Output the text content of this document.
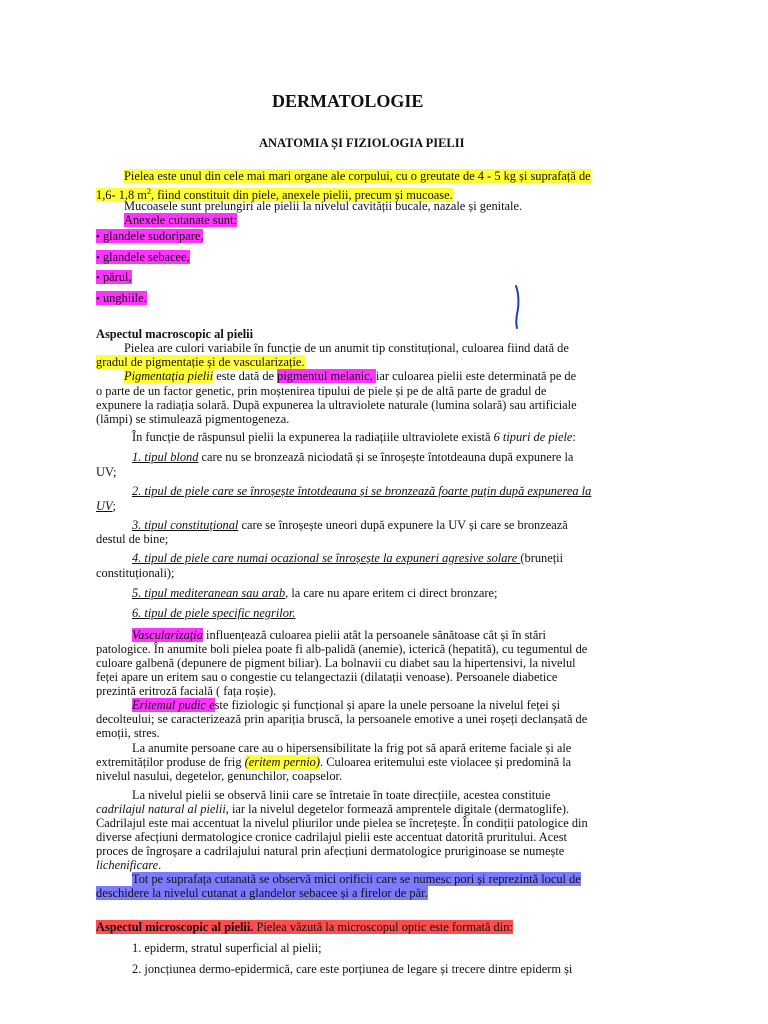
DERMATOLOGIE
ANATOMIA ȘI FIZIOLOGIA PIELII
Pielea este unul din cele mai mari organe ale corpului, cu o greutate de 4 - 5 kg și suprafață de
1,6- 1,8 $m^2$, fiind constituit din piele, anexele pielii, precum și mucoase.
Mucoasele sunt prelungiri ale pielii la nivelul cavității bucale, nazale și genitale.
Anexele cutanate sunt:
• glandele sudoripare,
• glandele sebacee,
• părul,
• unghiile.
Aspectul macroscopic al pielii
Pielea are culori variabile în funcție de un anumit tip constituțional, culoarea fiind dată de
gradul de pigmentație și de vascularizație.
Pigmentația pielii este dată de pigmentul melanic, iar culoarea pielii este determinată pe de
o parte de un factor genetic, prin moștenirea tipului de piele și pe de altă parte de gradul de
expunere la radiația solară. După expunerea la ultraviolete naturale (lumina solară) sau artificiale
(lămpi) se stimulează pigmentogeneza.
În funcție de răspunsul pielii la expunerea la radiațiile ultraviolete există 6 tipuri de piele:
1. tipul blond care nu se bronzează niciodată și se înroșește întotdeauna după expunere la
UV;
2. tipul de piele care se înroșește întotdeauna și se bronzează foarte puțin după expunerea la
UV;
3. tipul constituțional care se înroșește uneori după expunere la UV și care se bronzează
destul de bine;
4. tipul de piele care numai ocazional se înroșește la expuneri agresive solare (bruneții
constituționali);
5. tipul mediteranean sau arab, la care nu apare eritem ci direct bronzare;
6. tipul de piele specific negrilor.
Vascularizația influențează culoarea pielii atât la persoanele sănătoase cât și în stări
patologice. În anumite boli pielea poate fi alb-palidă (anemie), icterică (hepatită), cu tegumentul de
culoare galbenă (depunere de pigment biliar). La bolnavii cu diabet sau la hipertensivi, la nivelul
feței apare un eritem sau o congestie cu telangectazii (dilatații venoase). Persoanele diabetice
prezintă eritroză facială ( fața roșie).
Eritemul pudic este fiziologic și funcțional și apare la unele persoane la nivelul feței și
decolteului; se caracterizează prin apariția bruscă, la persoanele emotive a unei roșeți declanșată de
emoții, stres.
La anumite persoane care au o hipersensibilitate la frig pot să apară eriteme faciale și ale
extremităților produse de frig (eritem pernio). Culoarea eritemului este violacee și predomină la
nivelul nasului, degetelor, genunchilor, coapselor.
La nivelul pielii se observă linii care se întretaie în toate direcțiile, acestea constituie
cadrilajul natural al pielii, iar la nivelul degetelor formează amprentele digitale (dermatoglife).
Cadrilajul este mai accentuat la nivelul pliurilor unde pielea se încrețește. În condiții patologice din
diverse afecțiuni dermatologice cronice cadrilajul pielii este accentuat datorită pruritului. Acest
proces de îngroșare a cadrilajului natural prin afecțiuni dermatologice pruriginoase se numește
lichenificare.
Tot pe suprafața cutanată se observă mici orificii care se numesc pori și reprezintă locul de
deschidere la nivelul cutanat a glandelor sebacee și a firelor de păr.
Aspectul microscopic al pielii. Pielea văzută la microscopul optic este formată din:
1. epiderm, stratul superficial al pielii;
2. joncțiunea dermo-epidermică, care este porțiunea de legare și trecere dintre epiderm și
